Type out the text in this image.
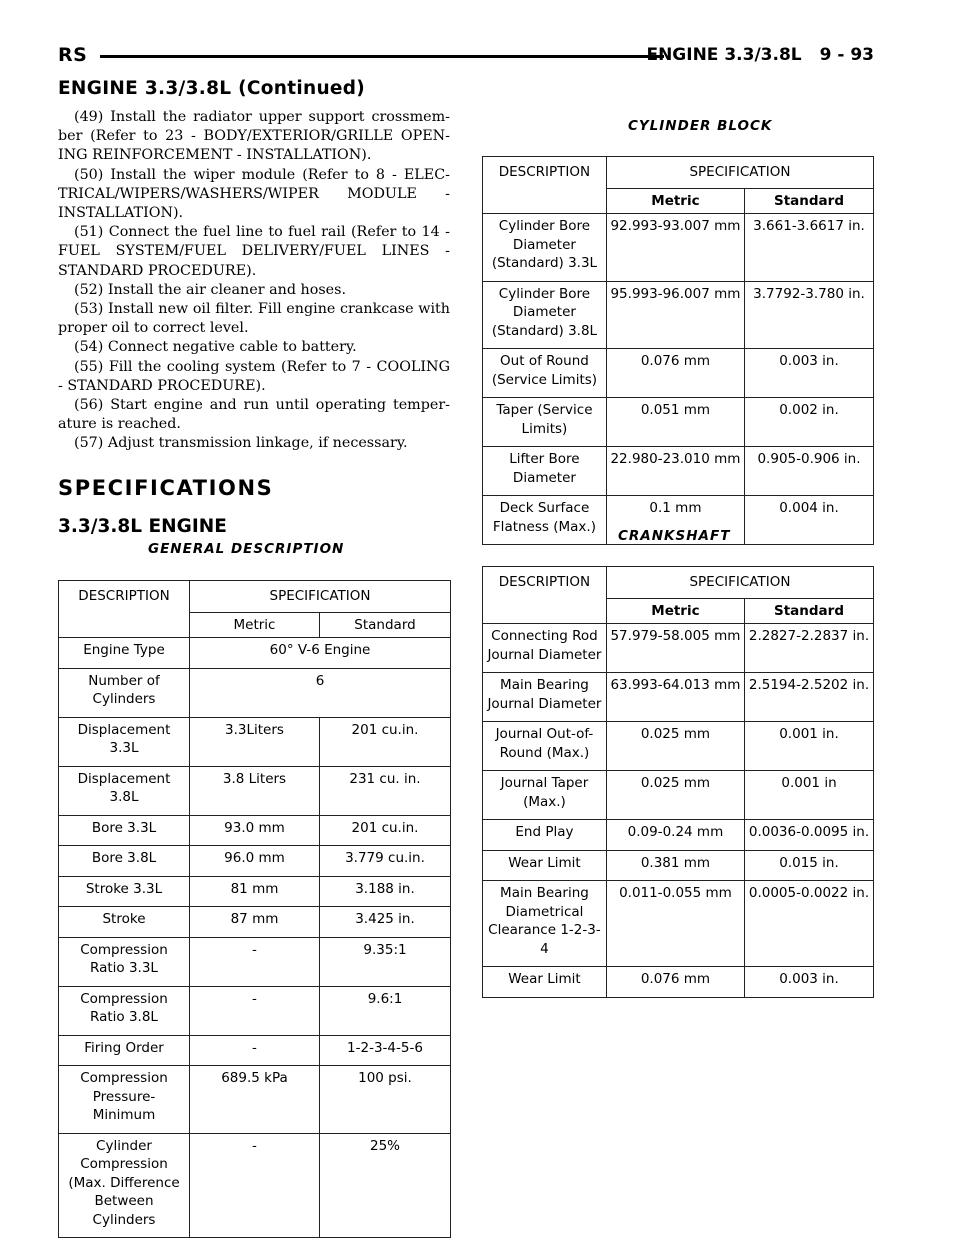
RS	ENGINE 3.3/3.8L 9 - 93
ENGINE 3.3/3.8L (Continued)

(49) Install the radiator upper support crossmem-ber (Refer to 23 - BODY/EXTERIOR/GRILLE OPEN-ING REINFORCEMENT - INSTALLATION).

(50) Install the wiper module (Refer to 8 - ELEC-TRICAL/WIPERS/WASHERS/WIPER MODULE - INSTALLATION).

(51) Connect the fuel line to fuel rail (Refer to 14 - FUEL SYSTEM/FUEL DELIVERY/FUEL LINES - STANDARD PROCEDURE).

(52) Install the air cleaner and hoses.

(53) Install new oil filter. Fill engine crankcase with proper oil to correct level.

(54) Connect negative cable to battery.

(55) Fill the cooling system (Refer to 7 - COOLING - STANDARD PROCEDURE).

(56) Start engine and run until operating temper-ature is reached.

(57) Adjust transmission linkage, if necessary.

SPECIFICATIONS
3.3/3.8L ENGINE
GENERAL DESCRIPTION
DESCRIPTION	SPECIFICATION	
	Metric	Standard
Engine Type	60° V-6 Engine	
Number of Cylinders	6	
Displacement 3.3L	3.3Liters	201 cu.in.
Displacement 3.8L	3.8 Liters	231 cu. in.
Bore 3.3L	93.0 mm	201 cu.in.
Bore 3.8L	96.0 mm	3.779 cu.in.
Stroke 3.3L	81 mm	3.188 in.
Stroke	87 mm	3.425 in.
Compression Ratio 3.3L	-	9.35:1
Compression Ratio 3.8L	-	9.6:1
Firing Order	-	1-2-3-4-5-6
Compression Pressure-Minimum	689.5 kPa	100 psi.
Cylinder Compression (Max. Difference Between Cylinders	-	25%
CYLINDER BLOCK
DESCRIPTION	SPECIFICATION	
	Metric	Standard
Cylinder Bore Diameter (Standard) 3.3L	92.993-93.007 mm	3.661-3.6617 in.
Cylinder Bore Diameter (Standard) 3.8L	95.993-96.007 mm	3.7792-3.780 in.
Out of Round (Service Limits)	0.076 mm	0.003 in.
Taper (Service Limits)	0.051 mm	0.002 in.
Lifter Bore Diameter	22.980-23.010 mm	0.905-0.906 in.
Deck Surface Flatness (Max.)	0.1 mm	0.004 in.
CRANKSHAFT
DESCRIPTION	SPECIFICATION	
	Metric	Standard
Connecting Rod Journal Diameter	57.979-58.005 mm	2.2827-2.2837 in.
Main Bearing Journal Diameter	63.993-64.013 mm	2.5194-2.5202 in.
Journal Out-of-Round (Max.)	0.025 mm	0.001 in.
Journal Taper (Max.)	0.025 mm	0.001 in
End Play	0.09-0.24 mm	0.0036-0.0095 in.
Wear Limit	0.381 mm	0.015 in.
Main Bearing Diametrical Clearance 1-2-3-4	0.011-0.055 mm	0.0005-0.0022 in.
Wear Limit	0.076 mm	0.003 in.
